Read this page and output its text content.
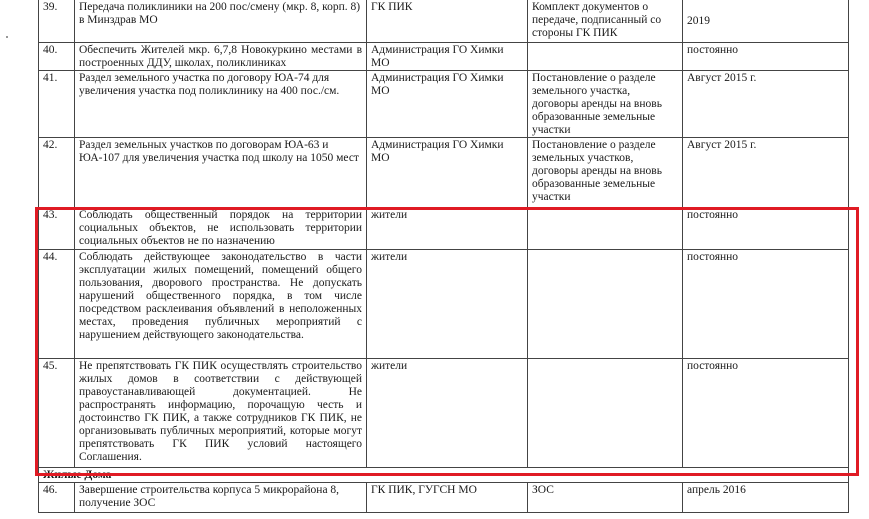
39.	Передача поликлиники на 200 пос/смену (мкр. 8, корп. 8) в Минздрав МО	ГК ПИК	Комплект документов о передаче, подписанный со стороны ГК ПИК	2019
40.	Обеспечить Жителей мкр. 6,7,8 Новокуркино местами в построенных ДДУ, школах, поликлиниках	Администрация ГО Химки МО		постоянно
41.	Раздел земельного участка по договору ЮА-74 для увеличения участка под поликлинику на 400 пос./см.	Администрация ГО Химки МО	Постановление о разделе земельного участка, договоры аренды на вновь образованные земельные участки	Август 2015 г.
42.	Раздел земельных участков по договорам ЮА-63 и ЮА-107 для увеличения участка под школу на 1050 мест	Администрация ГО Химки МО	Постановление о разделе земельных участков, договоры аренды на вновь образованные земельные участки	Август 2015 г.
43.	Соблюдать общественный порядок на территории социальных объектов, не использовать территории социальных объектов не по назначению	жители		постоянно
44.	Соблюдать действующее законодательство в части эксплуатации жилых помещений, помещений общего пользования, дворового пространства. Не допускать нарушений общественного порядка, в том числе посредством расклеивания объявлений в неположенных местах, проведения публичных мероприятий с нарушением действующего законодательства.	жители		постоянно
45.	Не препятствовать ГК ПИК осуществлять строительство жилых домов в соответствии с действующей правоустанавливающей документацией. Не распространять информацию, порочащую честь и достоинство ГК ПИК, а также сотрудников ГК ПИК, не организовывать публичных мероприятий, которые могут препятствовать ГК ПИК условий настоящего Соглашения.	жители		постоянно
Жилые Дома				
46.	Завершение строительства корпуса 5 микрорайона 8, получение ЗОС	ГК ПИК, ГУГСН МО	ЗОС	апрель 2016
